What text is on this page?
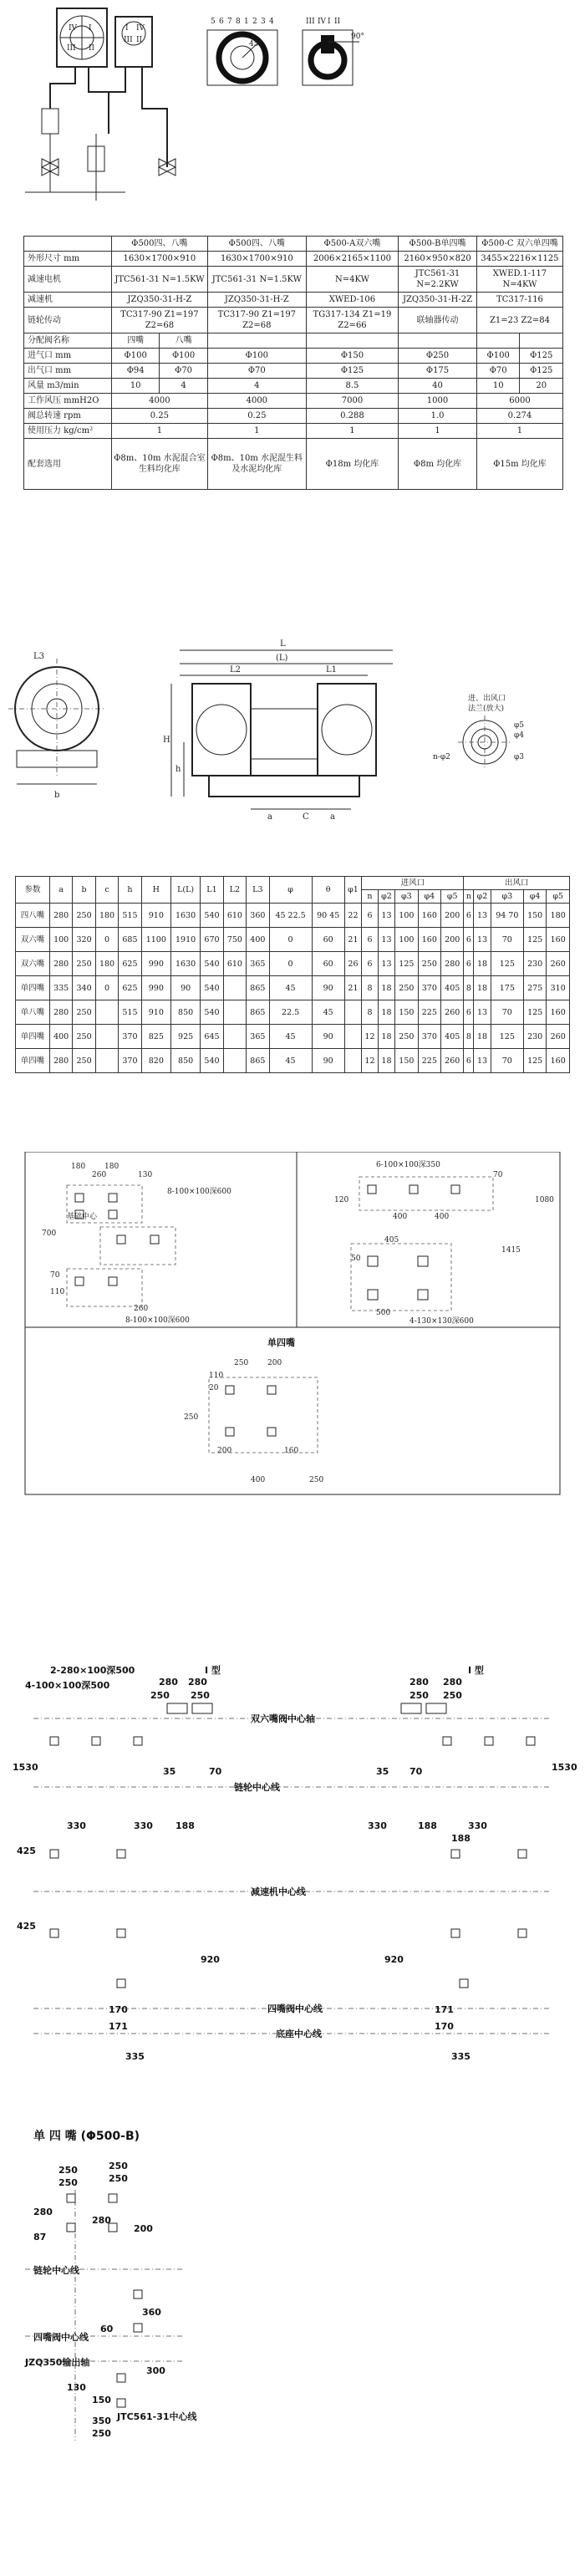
IV I
III II
I IV
III II
5 6 7 8 1 2 3 4
45°
III IV I II
90°
	Φ500四、八嘴		Φ500四、八嘴	Φ500-A双六嘴	Φ500-B单四嘴	Φ500-C 双六单四嘴	
外形尺寸 mm	1630×1700×910		1630×1700×910	2006×2165×1100	2160×950×820	3455×2216×1125	
减速电机	JTC561-31 N=1.5KW		JTC561-31 N=1.5KW	N=4KW	JTC561-31 N=2.2KW	XWED.1-117 N=4KW	
减速机	JZQ350-31-H-Z		JZQ350-31-H-Z	XWED-106	JZQ350-31-H-2Z	TC317-116	
链轮传动	TC317-90 Z1=197 Z2=68		TC317-90 Z1=197 Z2=68	TG317-134 Z1=19 Z2=66	联轴器传动	Z1=23 Z2=84	
分配阀名称	四嘴	八嘴					
进气口 mm	Φ100	Φ100	Φ100	Φ150	Φ250	Φ100	Φ125
出气口 mm	Φ94	Φ70	Φ70	Φ125	Φ175	Φ70	Φ125
风量 m3/min	10	4	4	8.5	40	10	20
工作风压 mmH2O	4000		4000	7000	1000	6000	
阀总转速 rpm	0.25		0.25	0.288	1.0	0.274	
使用压力 kg/cm²	1		1	1	1	1	
配套选用	Φ8m、10m 水泥混合室生料均化库		Φ8m、10m 水泥混生料及水泥均化库	Φ18m 均化库	Φ8m 均化库	Φ15m 均化库	
L3
b
L
(L)
L1
L2
H
h
a	C	a
进、出风口
法兰(放大)
φ5
φ4
φ3
n-φ2
参数	a	b	c	h	H	L(L)	L1	L2	L3	φ	θ	φ1	进风口					出风口				
													n	φ2	φ3	φ4	φ5	n	φ2	φ3	φ4	φ5
四八嘴	280	250	180	515	910	1630	540	610	360	45 22.5	90 45	22	6	13	100	160	200	6	13	94 70	150	180
双六嘴	100	320	0	685	1100	1910	670	750	400	0	60	21	6	13	100	160	200	6	13	70	125	160
双六嘴	280	250	180	625	990	1630	540	610	365	0	60	26	6	13	125	250	280	6	18	125	230	260
单四嘴	335	340	0	625	990	90	540		865	45	90	21	8	18	250	370	405	8	18	175	275	310
单八嘴	280	250		515	910	850	540		865	22.5	45		8	18	150	225	260	6	13	70	125	160
单四嘴	400	250		370	825	925	645		365	45	90		12	18	250	370	405	8	18	125	230	260
单四嘴	280	250		370	820	850	540		865	45	90		12	18	150	225	260	6	13	70	125	160
180	180
130
260
8-100×100深600
700
基础中心
70
110
260
8-100×100深600
6-100×100深350
120
400	400
70
405
1415
50
500
4-130×130深600
1080
单四嘴
250	200
110
20
250
200	160
400	250
2-280×100深500
4-100×100深500
I 型	I 型
280 280
250 250
280 280
250 250
双六嘴阀中心轴
链轮中心线
减速机中心线
四嘴阀中心线
底座中心线
1530	1530
425
425
35	70	35 70
330	330 188	330	188	330
188
920	920
170
171
171
170
335	335
单 四 嘴 (Φ500-B)
250
250
250
250
280
87
280
200
360
300
60
130
150
350
250
链轮中心线
四嘴阀中心线
JZQ350输出轴
JTC561-31中心线
